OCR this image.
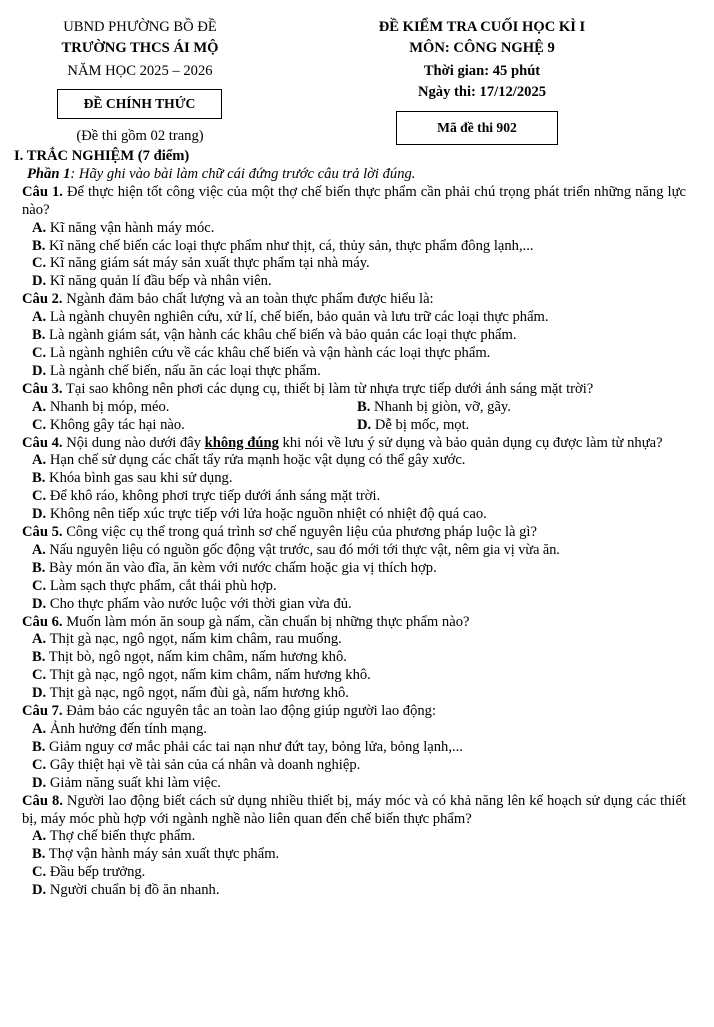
UBND PHƯỜNG BỒ ĐỀ
TRƯỜNG THCS ÁI MỘ
NĂM HỌC 2025 – 2026
ĐỀ CHÍNH THỨC
(Đề thi gồm 02 trang)
ĐỀ KIỂM TRA CUỐI HỌC KÌ I
MÔN: CÔNG NGHỆ 9
Thời gian: 45 phút
Ngày thi: 17/12/2025
Mã đề thi 902
I. TRẮC NGHIỆM (7 điểm)
Phần 1: Hãy ghi vào bài làm chữ cái đứng trước câu trả lời đúng.
Câu 1. Để thực hiện tốt công việc của một thợ chế biến thực phẩm cần phải chú trọng phát triển những năng lực nào?
A. Kĩ năng vận hành máy móc.
B. Kĩ năng chế biến các loại thực phẩm như thịt, cá, thủy sản, thực phẩm đông lạnh,...
C. Kĩ năng giám sát máy sản xuất thực phẩm tại nhà máy.
D. Kĩ năng quản lí đầu bếp và nhân viên.
Câu 2. Ngành đảm bảo chất lượng và an toàn thực phẩm được hiểu là:
A. Là ngành chuyên nghiên cứu, xử lí, chế biến, bảo quản và lưu trữ các loại thực phẩm.
B. Là ngành giám sát, vận hành các khâu chế biến và bảo quản các loại thực phẩm.
C. Là ngành nghiên cứu về các khâu chế biến và vận hành các loại thực phẩm.
D. Là ngành chế biến, nấu ăn các loại thực phẩm.
Câu 3. Tại sao không nên phơi các dụng cụ, thiết bị làm từ nhựa trực tiếp dưới ánh sáng mặt trời?
A. Nhanh bị móp, méo.	B. Nhanh bị giòn, vỡ, gãy.
C. Không gây tác hại nào.	D. Dễ bị mốc, mọt.
Câu 4. Nội dung nào dưới đây không đúng khi nói về lưu ý sử dụng và bảo quản dụng cụ được làm từ nhựa?
A. Hạn chế sử dụng các chất tẩy rửa mạnh hoặc vật dụng có thể gây xước.
B. Khóa bình gas sau khi sử dụng.
C. Để khô ráo, không phơi trực tiếp dưới ánh sáng mặt trời.
D. Không nên tiếp xúc trực tiếp với lửa hoặc nguồn nhiệt có nhiệt độ quá cao.
Câu 5. Công việc cụ thể trong quá trình sơ chế nguyên liệu của phương pháp luộc là gì?
A. Nấu nguyên liệu có nguồn gốc động vật trước, sau đó mới tới thực vật, nêm gia vị vừa ăn.
B. Bày món ăn vào đĩa, ăn kèm với nước chấm hoặc gia vị thích hợp.
C. Làm sạch thực phẩm, cắt thái phù hợp.
D. Cho thực phẩm vào nước luộc với thời gian vừa đủ.
Câu 6. Muốn làm món ăn soup gà nấm, cần chuẩn bị những thực phẩm nào?
A. Thịt gà nạc, ngô ngọt, nấm kim châm, rau muống.
B. Thịt bò, ngô ngọt, nấm kim châm, nấm hương khô.
C. Thịt gà nạc, ngô ngọt, nấm kim châm, nấm hương khô.
D. Thịt gà nạc, ngô ngọt, nấm đùi gà, nấm hương khô.
Câu 7. Đảm bảo các nguyên tắc an toàn lao động giúp người lao động:
A. Ảnh hưởng đến tính mạng.
B. Giảm nguy cơ mắc phải các tai nạn như đứt tay, bỏng lửa, bỏng lạnh,...
C. Gây thiệt hại về tài sản của cá nhân và doanh nghiệp.
D. Giảm năng suất khi làm việc.
Câu 8. Người lao động biết cách sử dụng nhiều thiết bị, máy móc và có khả năng lên kế hoạch sử dụng các thiết bị, máy móc phù hợp với ngành nghề nào liên quan đến chế biến thực phẩm?
A. Thợ chế biến thực phẩm.
B. Thợ vận hành máy sản xuất thực phẩm.
C. Đầu bếp trưởng.
D. Người chuẩn bị đồ ăn nhanh.
